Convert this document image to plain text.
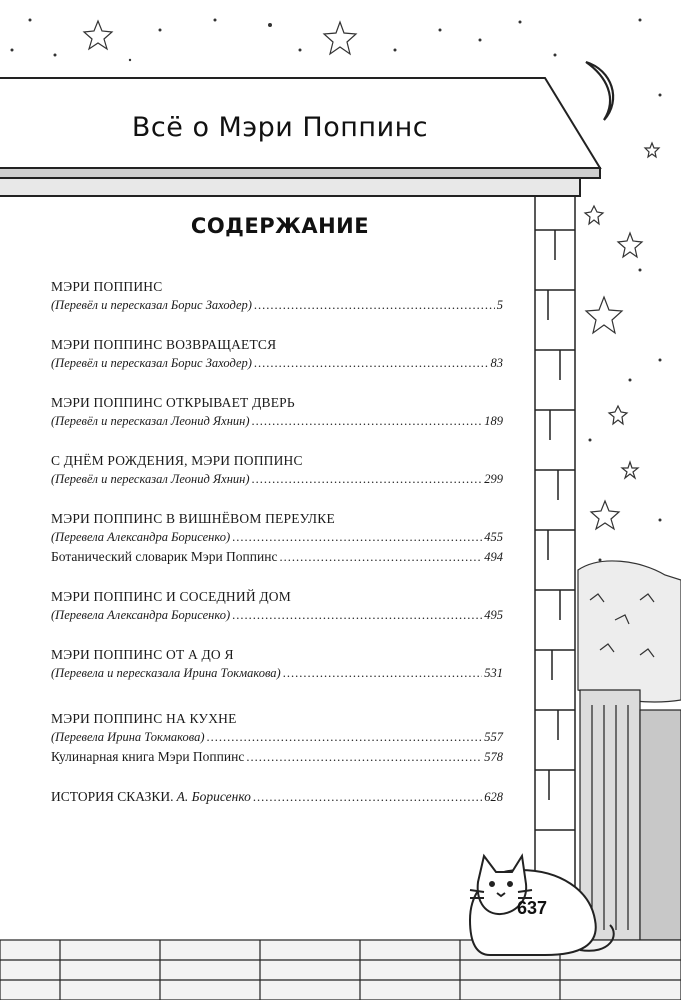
Всё о Мэри Поппинс
СОДЕРЖАНИЕ
МЭРИ ПОППИНС
(Перевёл и пересказал Борис Заходер) .....	5
МЭРИ ПОППИНС ВОЗВРАЩАЕТСЯ
(Перевёл и пересказал Борис Заходер) .....	83
МЭРИ ПОППИНС ОТКРЫВАЕТ ДВЕРЬ
(Перевёл и пересказал Леонид Яхнин) .....	189
С ДНЁМ РОЖДЕНИЯ, МЭРИ ПОППИНС
(Перевёл и пересказал Леонид Яхнин) .....	299
МЭРИ ПОППИНС В ВИШНЁВОМ ПЕРЕУЛКЕ
(Перевела Александра Борисенко) .....	455
Ботанический словарик Мэри Поппинс .....	494
МЭРИ ПОППИНС И СОСЕДНИЙ ДОМ
(Перевела Александра Борисенко) .....	495
МЭРИ ПОППИНС ОТ А ДО Я
(Перевела и пересказала Ирина Токмакова) .....	531
МЭРИ ПОППИНС НА КУХНЕ
(Перевела Ирина Токмакова) .....	557
Кулинарная книга Мэри Поппинс .....	578
ИСТОРИЯ СКАЗКИ.
А. Борисенко .....	628
637
